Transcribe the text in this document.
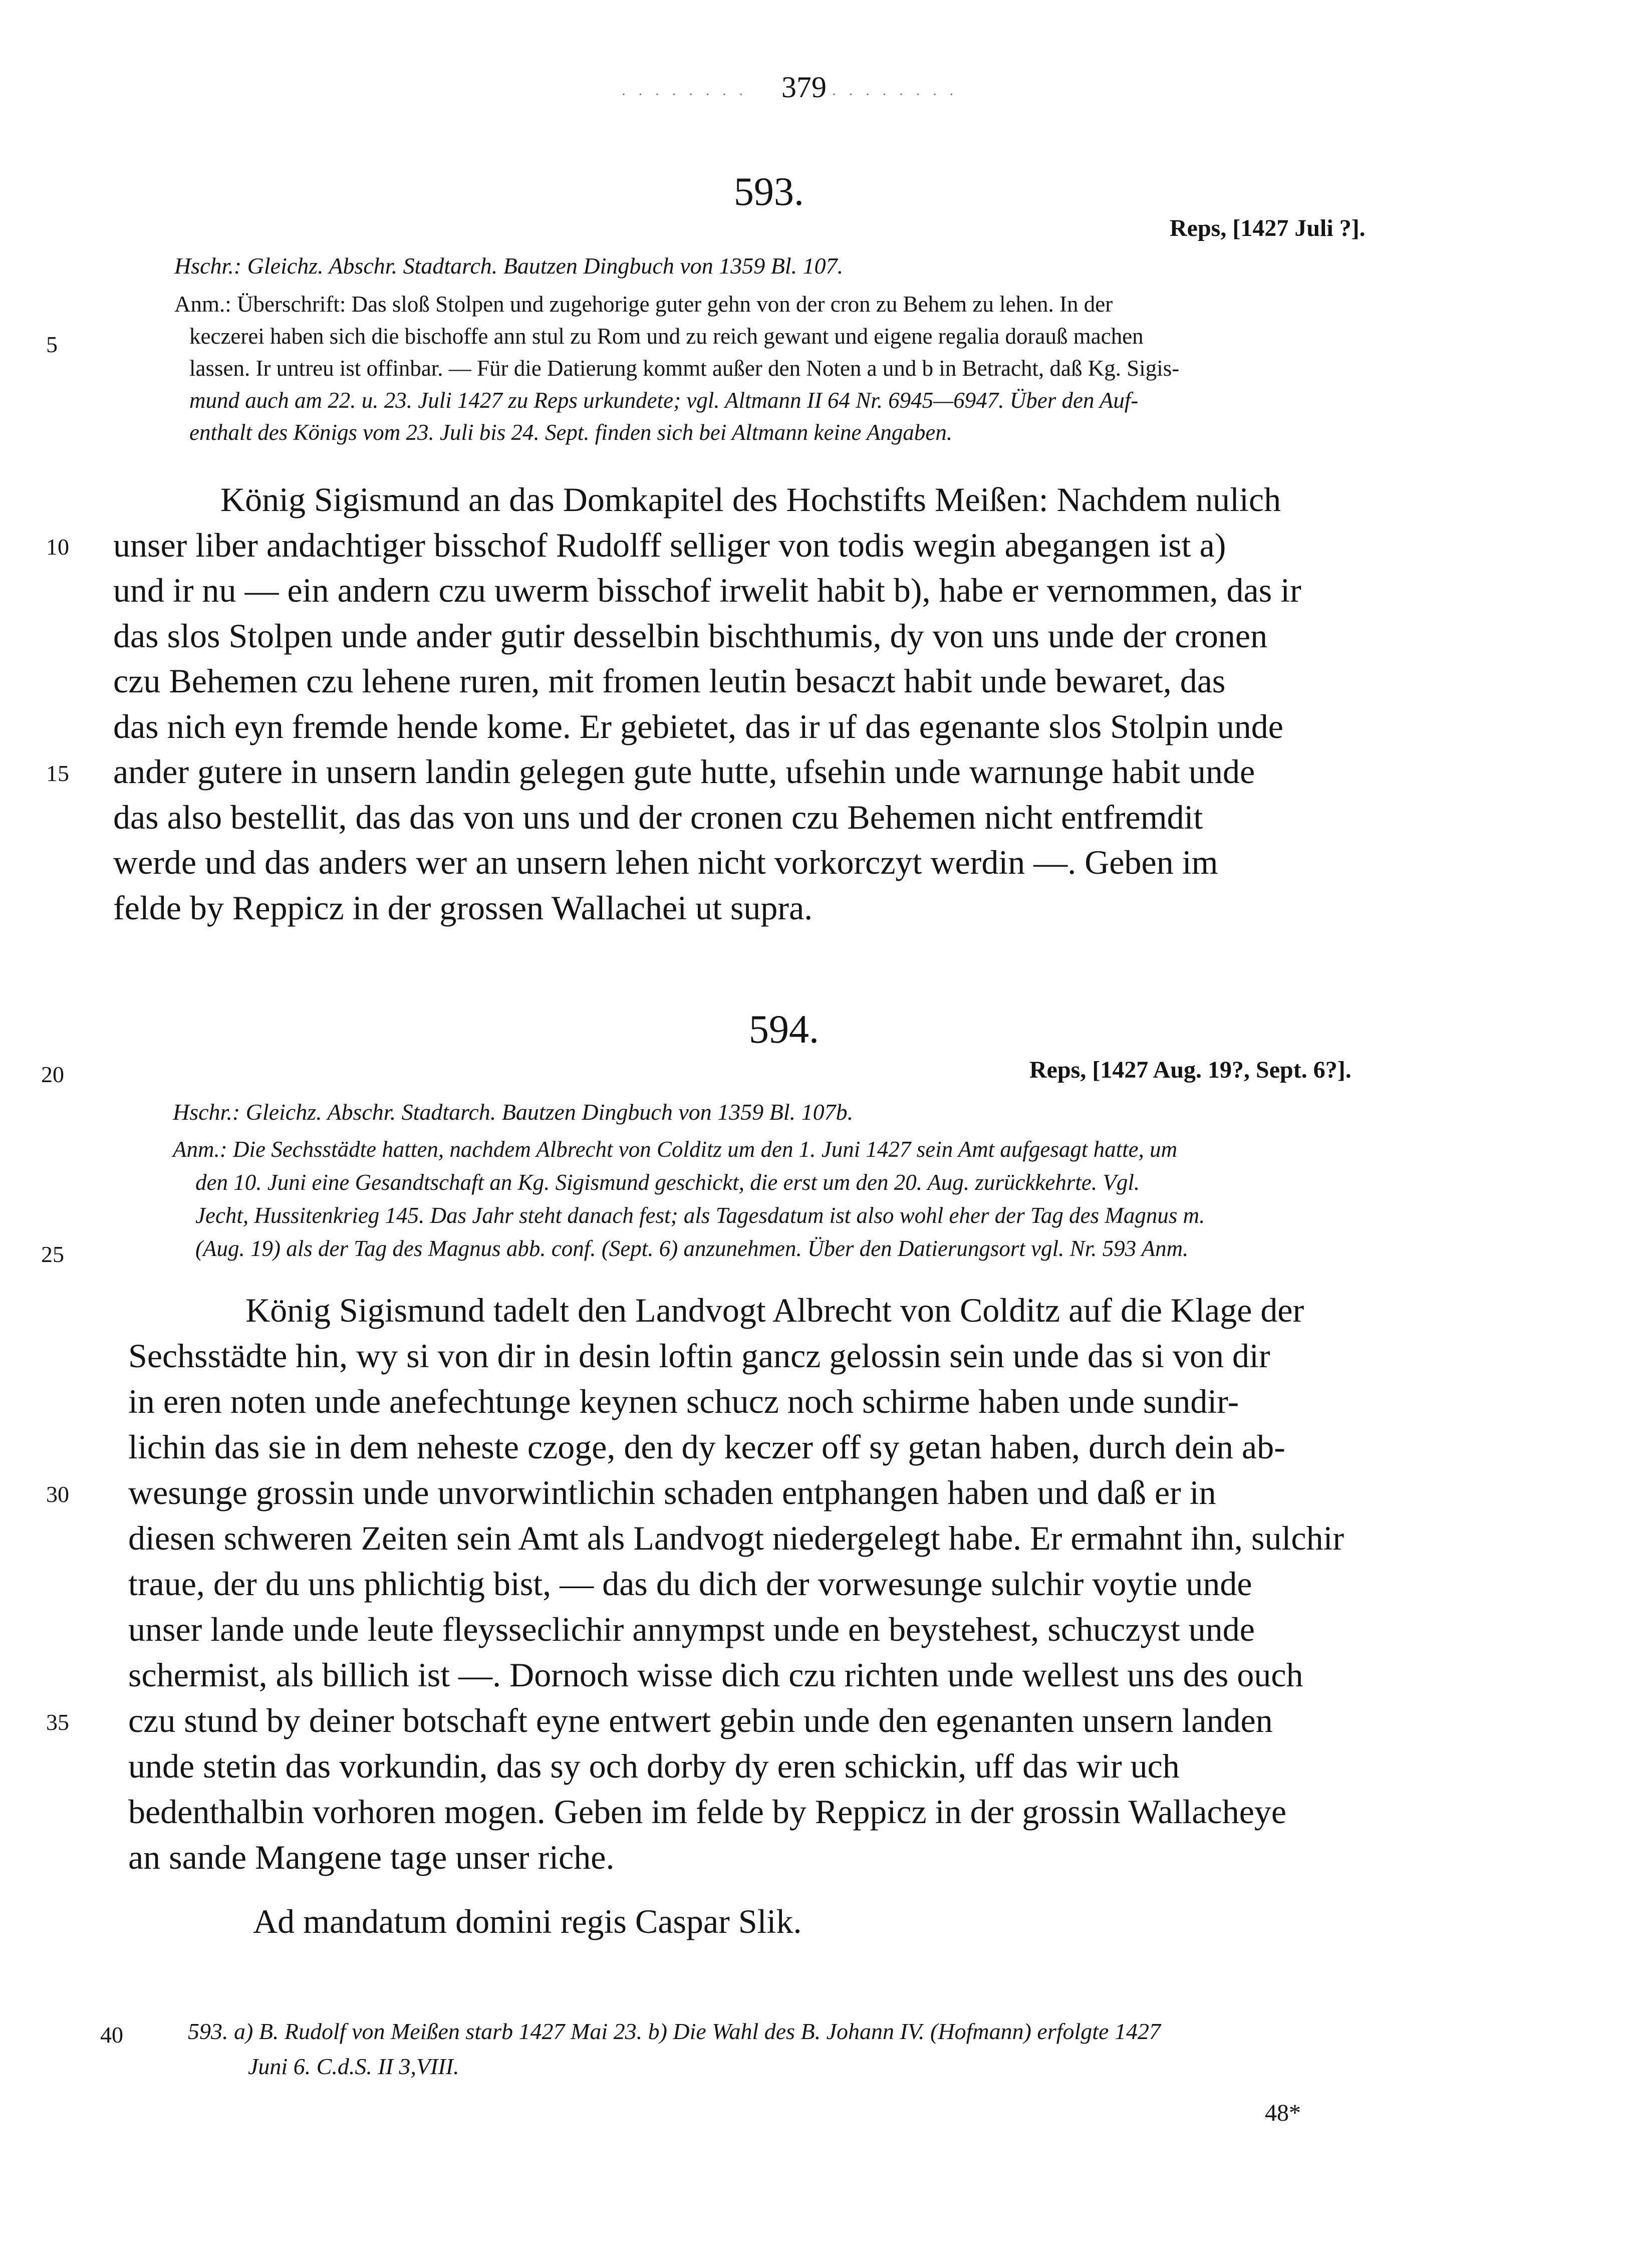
· · · · · · · · 379 · · · · · · · ·
593.
Reps, [1427 Juli ?].
Hschr.: Gleichz. Abschr. Stadtarch. Bautzen Dingbuch von 1359 Bl. 107.
Anm.: Überschrift: Das sloß Stolpen und zugehorige guter gehn von der cron zu Behem zu lehen. In der
keczerei haben sich die bischoffe ann stul zu Rom und zu reich gewant und eigene regalia dorauß machen
lassen. Ir untreu ist offinbar. — Für die Datierung kommt außer den Noten a und b in Betracht, daß Kg. Sigis-
mund auch am 22. u. 23. Juli 1427 zu Reps urkundete; vgl. Altmann II 64 Nr. 6945—6947. Über den Auf-
enthalt des Königs vom 23. Juli bis 24. Sept. finden sich bei Altmann keine Angaben.
König Sigismund an das Domkapitel des Hochstifts Meißen: Nachdem nulich
unser liber andachtiger bisschof Rudolff selliger von todis wegin abegangen ist a)
und ir nu — ein andern czu uwerm bisschof irwelit habit b), habe er vernommen, das ir
das slos Stolpen unde ander gutir desselbin bischthumis, dy von uns unde der cronen
czu Behemen czu lehene ruren, mit fromen leutin besaczt habit unde bewaret, das
das nich eyn fremde hende kome. Er gebietet, das ir uf das egenante slos Stolpin unde
ander gutere in unsern landin gelegen gute hutte, ufsehin unde warnunge habit unde
das also bestellit, das das von uns und der cronen czu Behemen nicht entfremdit
werde und das anders wer an unsern lehen nicht vorkorczyt werdin —. Geben im
felde by Reppicz in der grossen Wallachei ut supra.
594.
Reps, [1427 Aug. 19?, Sept. 6?].
Hschr.: Gleichz. Abschr. Stadtarch. Bautzen Dingbuch von 1359 Bl. 107b.
Anm.: Die Sechsstädte hatten, nachdem Albrecht von Colditz um den 1. Juni 1427 sein Amt aufgesagt hatte, um
den 10. Juni eine Gesandtschaft an Kg. Sigismund geschickt, die erst um den 20. Aug. zurückkehrte. Vgl.
Jecht, Hussitenkrieg 145. Das Jahr steht danach fest; als Tagesdatum ist also wohl eher der Tag des Magnus m.
(Aug. 19) als der Tag des Magnus abb. conf. (Sept. 6) anzunehmen. Über den Datierungsort vgl. Nr. 593 Anm.
König Sigismund tadelt den Landvogt Albrecht von Colditz auf die Klage der
Sechsstädte hin, wy si von dir in desin loftin gancz gelossin sein unde das si von dir
in eren noten unde anefechtunge keynen schucz noch schirme haben unde sundir-
lichin das sie in dem neheste czoge, den dy keczer off sy getan haben, durch dein ab-
wesunge grossin unde unvorwintlichin schaden entphangen haben und daß er in
diesen schweren Zeiten sein Amt als Landvogt niedergelegt habe. Er ermahnt ihn, sulchir
traue, der du uns phlichtig bist, — das du dich der vorwesunge sulchir voytie unde
unser lande unde leute fleysseclichir annympst unde en beystehest, schuczyst unde
schermist, als billich ist —. Dornoch wisse dich czu richten unde wellest uns des ouch
czu stund by deiner botschaft eyne entwert gebin unde den egenanten unsern landen
unde stetin das vorkundin, das sy och dorby dy eren schickin, uff das wir uch
bedenthalbin vorhoren mogen. Geben im felde by Reppicz in der grossin Wallacheye
an sande Mangene tage unser riche.
Ad mandatum domini regis Caspar Slik.
593. a) B. Rudolf von Meißen starb 1427 Mai 23. b) Die Wahl des B. Johann IV. (Hofmann) erfolgte 1427
Juni 6. C.d.S. II 3,VIII.
48*
5
10
15
20
25
30
35
40
